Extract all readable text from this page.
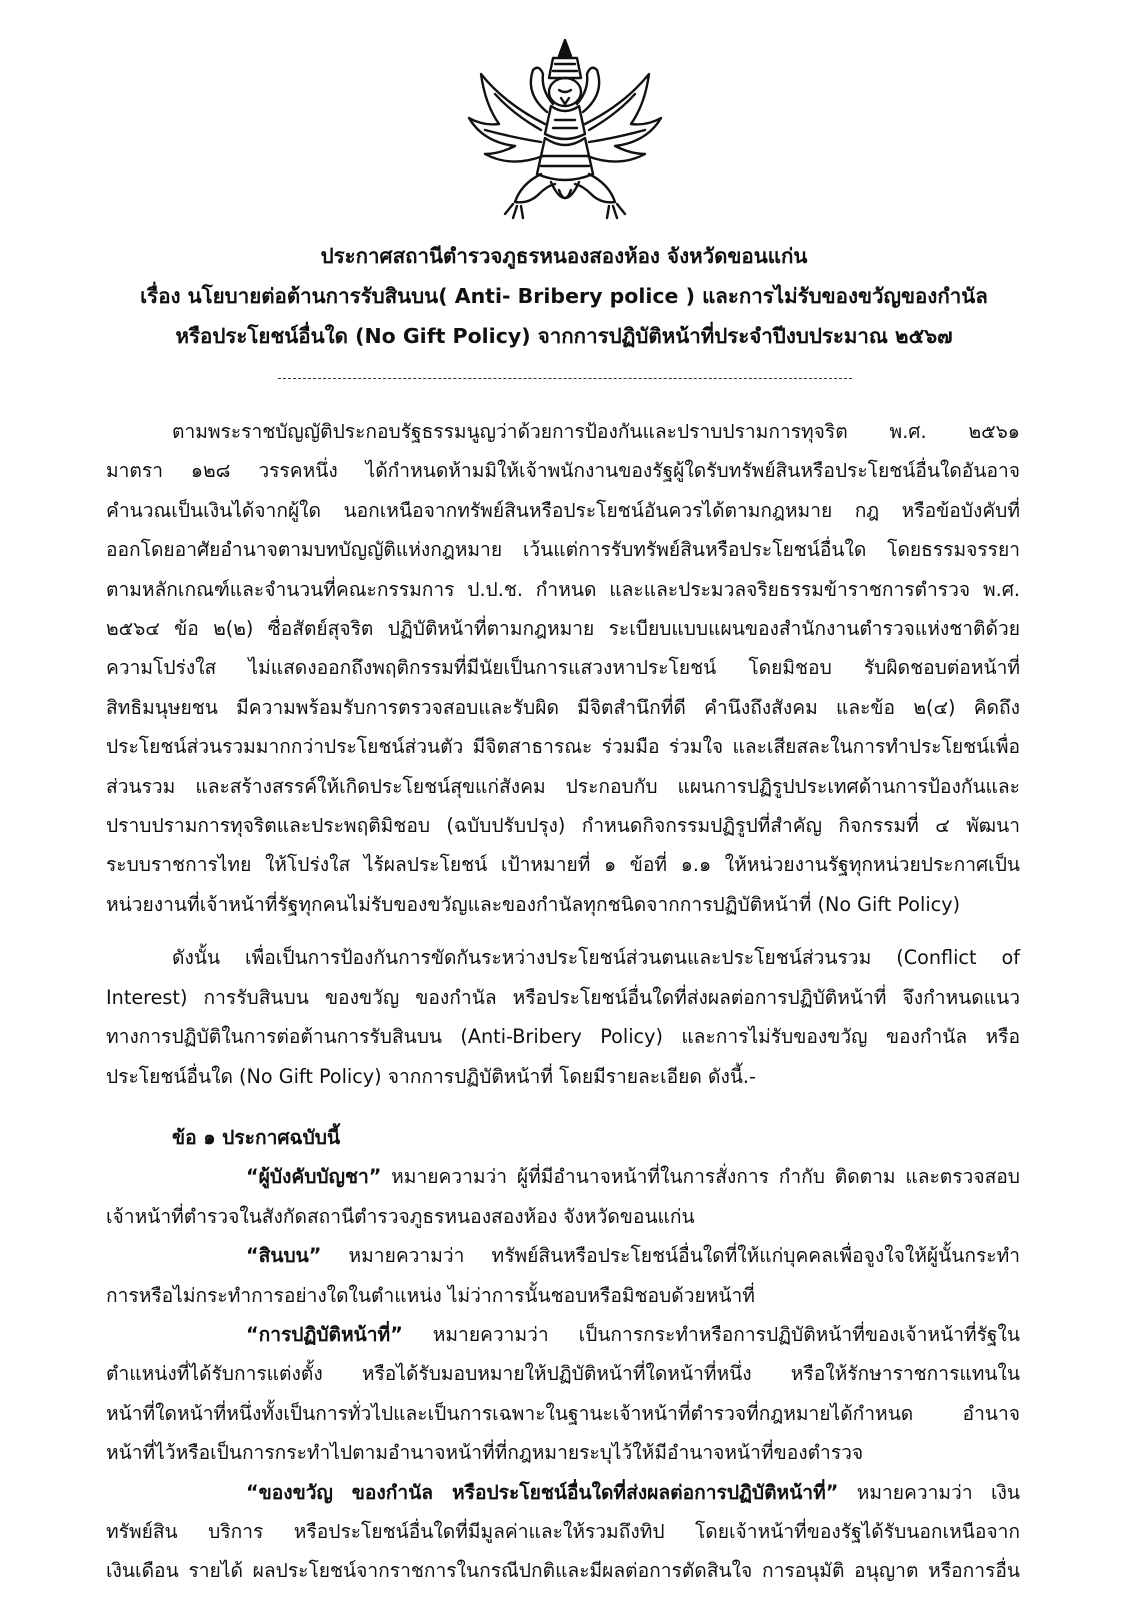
ประกาศสถานีตำรวจภูธรหนองสองห้อง จังหวัดขอนแก่น
เรื่อง นโยบายต่อต้านการรับสินบน( Anti- Bribery police ) และการไม่รับของขวัญของกำนัล
หรือประโยชน์อื่นใด (No Gift Policy) จากการปฏิบัติหน้าที่ประจำปีงบประมาณ ๒๕๖๗
ตามพระราชบัญญัติประกอบรัฐธรรมนูญว่าด้วยการป้องกันและปราบปรามการทุจริต พ.ศ. ๒๕๖๑
มาตรา ๑๒๘ วรรคหนึ่ง ได้กำหนดห้ามมิให้เจ้าพนักงานของรัฐผู้ใดรับทรัพย์สินหรือประโยชน์อื่นใดอันอาจ
คำนวณเป็นเงินได้จากผู้ใด นอกเหนือจากทรัพย์สินหรือประโยชน์อันควรได้ตามกฎหมาย กฎ หรือข้อบังคับที่
ออกโดยอาศัยอำนาจตามบทบัญญัติแห่งกฎหมาย เว้นแต่การรับทรัพย์สินหรือประโยชน์อื่นใด โดยธรรมจรรยา
ตามหลักเกณฑ์และจำนวนที่คณะกรรมการ ป.ป.ช. กำหนด และและประมวลจริยธรรมข้าราชการตำรวจ พ.ศ.
๒๕๖๔ ข้อ ๒(๒) ซื่อสัตย์สุจริต ปฏิบัติหน้าที่ตามกฎหมาย ระเบียบแบบแผนของสำนักงานตำรวจแห่งชาติด้วย
ความโปร่งใส ไม่แสดงออกถึงพฤติกรรมที่มีนัยเป็นการแสวงหาประโยชน์ โดยมิชอบ รับผิดชอบต่อหน้าที่
สิทธิมนุษยชน มีความพร้อมรับการตรวจสอบและรับผิด มีจิตสำนึกที่ดี คำนึงถึงสังคม และข้อ ๒(๔) คิดถึง
ประโยชน์ส่วนรวมมากกว่าประโยชน์ส่วนตัว มีจิตสาธารณะ ร่วมมือ ร่วมใจ และเสียสละในการทำประโยชน์เพื่อ
ส่วนรวม และสร้างสรรค์ให้เกิดประโยชน์สุขแก่สังคม ประกอบกับ แผนการปฏิรูปประเทศด้านการป้องกันและ
ปราบปรามการทุจริตและประพฤติมิชอบ (ฉบับปรับปรุง) กำหนดกิจกรรมปฏิรูปที่สำคัญ กิจกรรมที่ ๔ พัฒนา
ระบบราชการไทย ให้โปร่งใส ไร้ผลประโยชน์ เป้าหมายที่ ๑ ข้อที่ ๑.๑ ให้หน่วยงานรัฐทุกหน่วยประกาศเป็น
หน่วยงานที่เจ้าหน้าที่รัฐทุกคนไม่รับของขวัญและของกำนัลทุกชนิดจากการปฏิบัติหน้าที่ (No Gift Policy)
ดังนั้น เพื่อเป็นการป้องกันการขัดกันระหว่างประโยชน์ส่วนตนและประโยชน์ส่วนรวม (Conflict of
Interest) การรับสินบน ของขวัญ ของกำนัล หรือประโยชน์อื่นใดที่ส่งผลต่อการปฏิบัติหน้าที่ จึงกำหนดแนว
ทางการปฏิบัติในการต่อต้านการรับสินบน (Anti-Bribery Policy) และการไม่รับของขวัญ ของกำนัล หรือ
ประโยชน์อื่นใด (No Gift Policy) จากการปฏิบัติหน้าที่ โดยมีรายละเอียด ดังนี้.-
ข้อ ๑ ประกาศฉบับนี้
“ผู้บังคับบัญชา” หมายความว่า ผู้ที่มีอำนาจหน้าที่ในการสั่งการ กำกับ ติดตาม และตรวจสอบ
เจ้าหน้าที่ตำรวจในสังกัดสถานีตำรวจภูธรหนองสองห้อง จังหวัดขอนแก่น
“สินบน” หมายความว่า ทรัพย์สินหรือประโยชน์อื่นใดที่ให้แก่บุคคลเพื่อจูงใจให้ผู้นั้นกระทำ
การหรือไม่กระทำการอย่างใดในตำแหน่ง ไม่ว่าการนั้นชอบหรือมิชอบด้วยหน้าที่
“การปฏิบัติหน้าที่” หมายความว่า เป็นการกระทำหรือการปฏิบัติหน้าที่ของเจ้าหน้าที่รัฐใน
ตำแหน่งที่ได้รับการแต่งตั้ง หรือได้รับมอบหมายให้ปฏิบัติหน้าที่ใดหน้าที่หนึ่ง หรือให้รักษาราชการแทนใน
หน้าที่ใดหน้าที่หนึ่งทั้งเป็นการทั่วไปและเป็นการเฉพาะในฐานะเจ้าหน้าที่ตำรวจที่กฎหมายได้กำหนด อำนาจ
หน้าที่ไว้หรือเป็นการกระทำไปตามอำนาจหน้าที่ที่กฎหมายระบุไว้ให้มีอำนาจหน้าที่ของตำรวจ
“ของขวัญ ของกำนัล หรือประโยชน์อื่นใดที่ส่งผลต่อการปฏิบัติหน้าที่” หมายความว่า เงิน
ทรัพย์สิน บริการ หรือประโยชน์อื่นใดที่มีมูลค่าและให้รวมถึงทิป โดยเจ้าหน้าที่ของรัฐได้รับนอกเหนือจาก
เงินเดือน รายได้ ผลประโยชน์จากราชการในกรณีปกติและมีผลต่อการตัดสินใจ การอนุมัติ อนุญาต หรือการอื่น
